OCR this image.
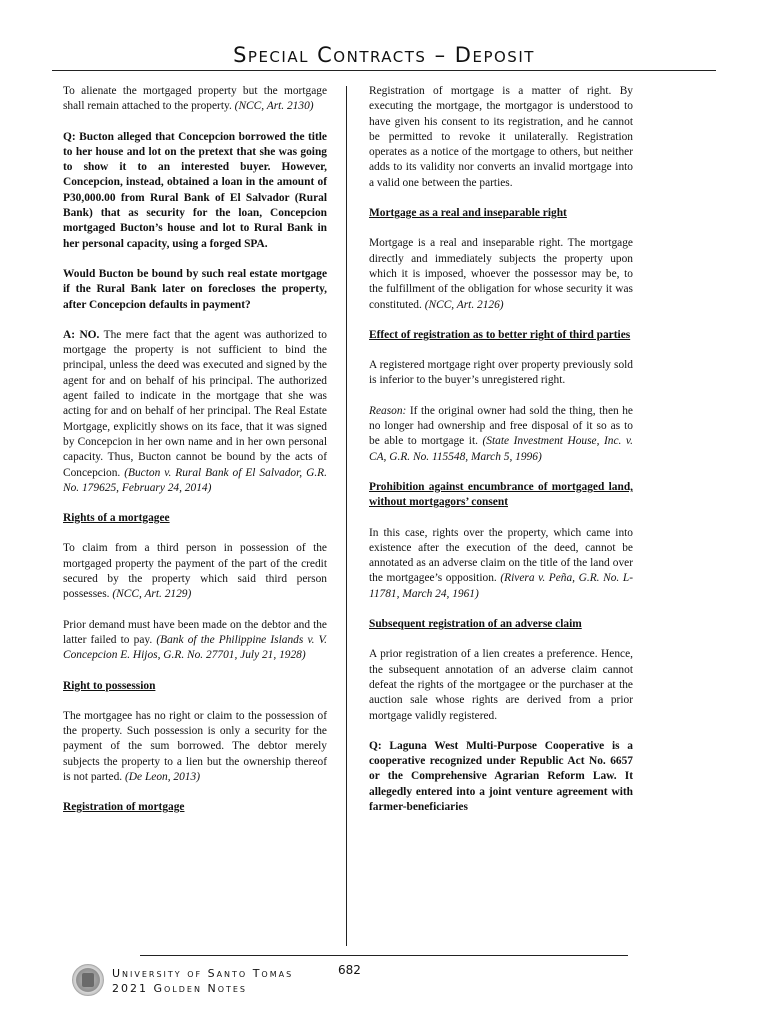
Special Contracts – Deposit

To alienate the mortgaged property but the mortgage shall remain attached to the property. (NCC, Art. 2130)

Q: Bucton alleged that Concepcion borrowed the title to her house and lot on the pretext that she was going to show it to an interested buyer. However, Concepcion, instead, obtained a loan in the amount of P30,000.00 from Rural Bank of El Salvador (Rural Bank) that as security for the loan, Concepcion mortgaged Bucton’s house and lot to Rural Bank in her personal capacity, using a forged SPA.

Would Bucton be bound by such real estate mortgage if the Rural Bank later on forecloses the property, after Concepcion defaults in payment?

A: NO. The mere fact that the agent was authorized to mortgage the property is not sufficient to bind the principal, unless the deed was executed and signed by the agent for and on behalf of his principal. The authorized agent failed to indicate in the mortgage that she was acting for and on behalf of her principal. The Real Estate Mortgage, explicitly shows on its face, that it was signed by Concepcion in her own name and in her own personal capacity. Thus, Bucton cannot be bound by the acts of Concepcion. (Bucton v. Rural Bank of El Salvador, G.R. No. 179625, February 24, 2014)

Rights of a mortgagee

To claim from a third person in possession of the mortgaged property the payment of the part of the credit secured by the property which said third person possesses. (NCC, Art. 2129)

Prior demand must have been made on the debtor and the latter failed to pay. (Bank of the Philippine Islands v. V. Concepcion E. Hijos, G.R. No. 27701, July 21, 1928)

Right to possession

The mortgagee has no right or claim to the possession of the property. Such possession is only a security for the payment of the sum borrowed. The debtor merely subjects the property to a lien but the ownership thereof is not parted. (De Leon, 2013)

Registration of mortgage

Registration of mortgage is a matter of right. By executing the mortgage, the mortgagor is understood to have given his consent to its registration, and he cannot be permitted to revoke it unilaterally. Registration operates as a notice of the mortgage to others, but neither adds to its validity nor converts an invalid mortgage into a valid one between the parties.

Mortgage as a real and inseparable right

Mortgage is a real and inseparable right. The mortgage directly and immediately subjects the property upon which it is imposed, whoever the possessor may be, to the fulfillment of the obligation for whose security it was constituted. (NCC, Art. 2126)

Effect of registration as to better right of third parties

A registered mortgage right over property previously sold is inferior to the buyer’s unregistered right.

Reason: If the original owner had sold the thing, then he no longer had ownership and free disposal of it so as to be able to mortgage it. (State Investment House, Inc. v. CA, G.R. No. 115548, March 5, 1996)

Prohibition against encumbrance of mortgaged land, without mortgagors’ consent

In this case, rights over the property, which came into existence after the execution of the deed, cannot be annotated as an adverse claim on the title of the land over the mortgagee’s opposition. (Rivera v. Peña, G.R. No. L-11781, March 24, 1961)

Subsequent registration of an adverse claim

A prior registration of a lien creates a preference. Hence, the subsequent annotation of an adverse claim cannot defeat the rights of the mortgagee or the purchaser at the auction sale whose rights are derived from a prior mortgage validly registered.

Q: Laguna West Multi-Purpose Cooperative is a cooperative recognized under Republic Act No. 6657 or the Comprehensive Agrarian Reform Law. It allegedly entered into a joint venture agreement with farmer-beneficiaries

University of Santo Tomas
2021 Golden Notes
682
